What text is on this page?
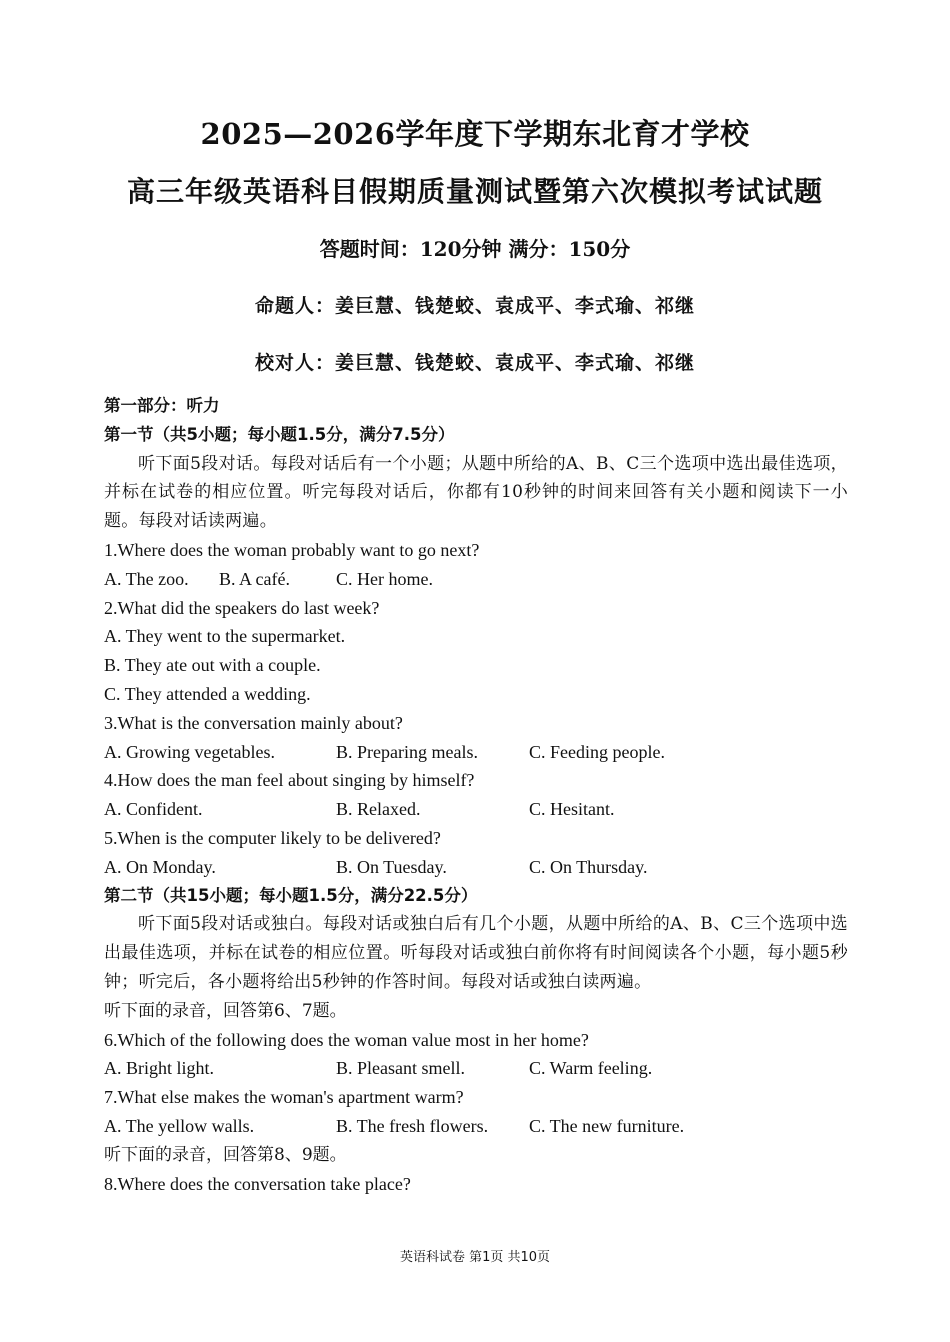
2025—2026学年度下学期东北育才学校
高三年级英语科目假期质量测试暨第六次模拟考试试题
答题时间：120分钟 满分：150分
命题人：姜巨慧、钱楚蛟、袁成平、李式瑜、祁继
校对人：姜巨慧、钱楚蛟、袁成平、李式瑜、祁继
第一部分：听力
第一节（共5小题；每小题1.5分，满分7.5分）
听下面5段对话。每段对话后有一个小题；从题中所给的A、B、C三个选项中选出最佳选项，并标在试卷的相应位置。听完每段对话后，你都有10秒钟的时间来回答有关小题和阅读下一小题。每段对话读两遍。
1.Where does the woman probably want to go next?
A. The zoo.	B. A café.	C. Her home.
2.What did the speakers do last week?
A. They went to the supermarket.
B. They ate out with a couple.
C. They attended a wedding.
3.What is the conversation mainly about?
A. Growing vegetables.	B. Preparing meals.	C. Feeding people.
4.How does the man feel about singing by himself?
A. Confident.	B. Relaxed.	C. Hesitant.
5.When is the computer likely to be delivered?
A. On Monday.	B. On Tuesday.	C. On Thursday.
第二节（共15小题；每小题1.5分，满分22.5分）
听下面5段对话或独白。每段对话或独白后有几个小题，从题中所给的A、B、C三个选项中选出最佳选项，并标在试卷的相应位置。听每段对话或独白前你将有时间阅读各个小题，每小题5秒钟；听完后，各小题将给出5秒钟的作答时间。每段对话或独白读两遍。
听下面的录音，回答第6、7题。
6.Which of the following does the woman value most in her home?
A. Bright light.	B. Pleasant smell.	C. Warm feeling.
7.What else makes the woman's apartment warm?
A. The yellow walls.	B. The fresh flowers.	C. The new furniture.
听下面的录音，回答第8、9题。
8.Where does the conversation take place?
英语科试卷 第1页 共10页
